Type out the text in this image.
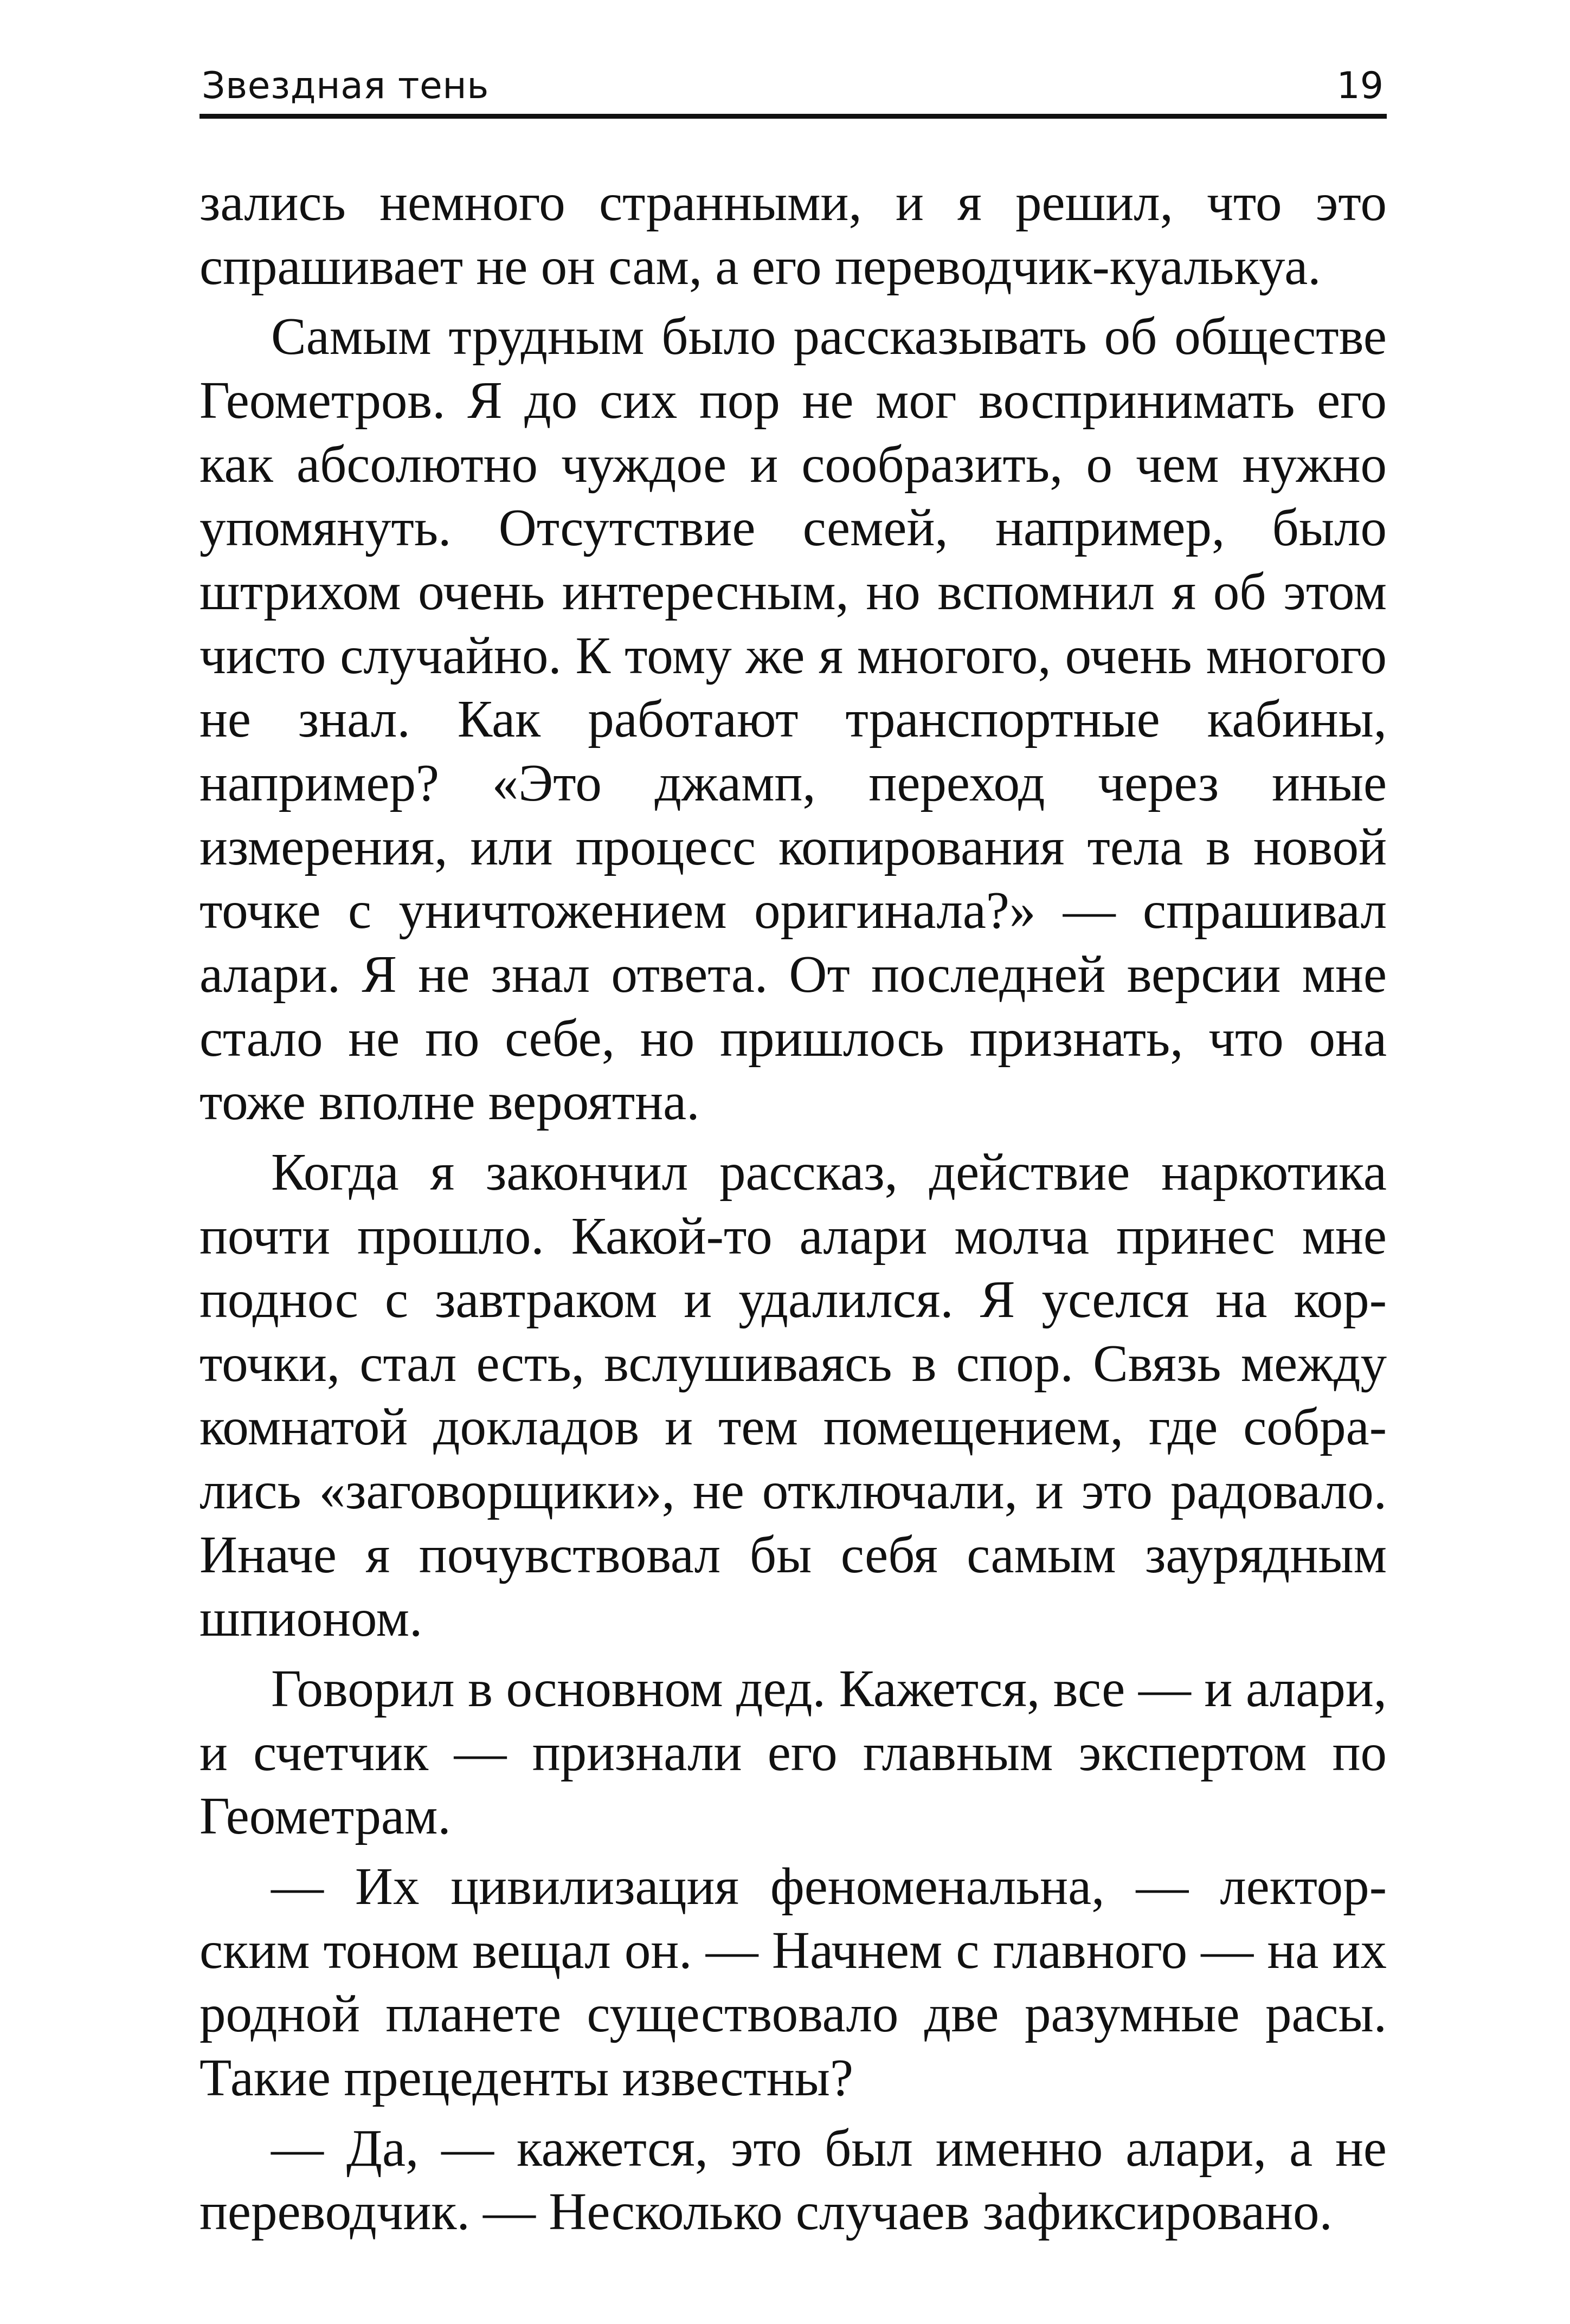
Звездная тень	19

зались немного странными, и я решил, что это спрашивает не он сам, а его переводчик-куалькуа.

Самым трудным было рассказывать об обществе Геометров. Я до сих пор не мог воспринимать его как абсолютно чуждое и сообразить, о чем нужно упомянуть. Отсутствие семей, например, было штрихом очень интересным, но вспомнил я об этом чисто случайно. К тому же я многого, очень многого не знал. Как работают транспортные кабины, например? «Это джамп, переход через иные измерения, или процесс копирования тела в новой точке с уничтожением оригинала?» — спрашивал алари. Я не знал ответа. От последней версии мне стало не по себе, но пришлось признать, что она тоже вполне вероятна.

Когда я закончил рассказ, действие наркотика почти прошло. Какой-то алари молча принес мне поднос с завтраком и удалился. Я уселся на корточки, стал есть, вслушиваясь в спор. Связь между комнатой докладов и тем помещением, где собрались «заговорщики», не отключали, и это радовало. Иначе я почувствовал бы себя самым заурядным шпионом.

Говорил в основном дед. Кажется, все — и алари, и счетчик — признали его главным экспертом по Геометрам.

— Их цивилизация феноменальна, — лекторским тоном вещал он. — Начнем с главного — на их родной планете существовало две разумные расы. Такие прецеденты известны?

— Да, — кажется, это был именно алари, а не переводчик. — Несколько случаев зафиксировано.
